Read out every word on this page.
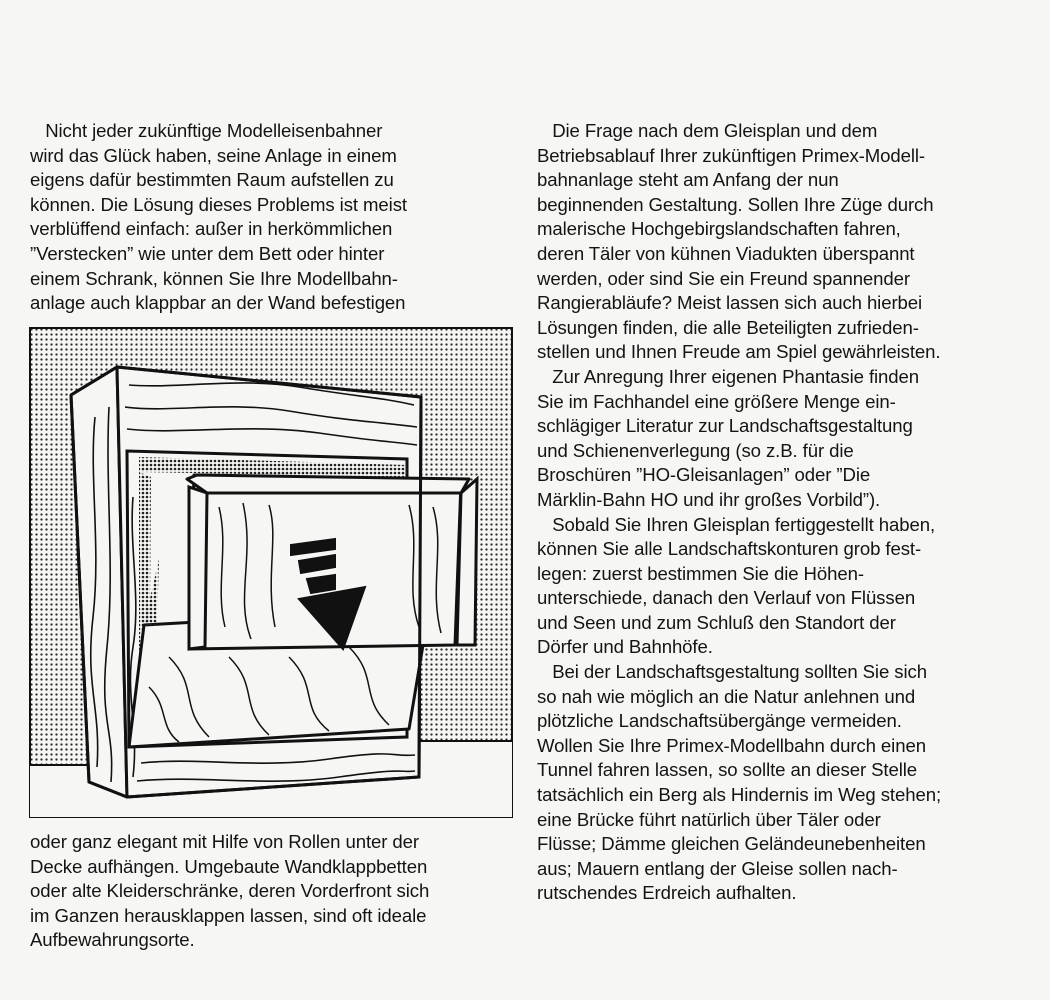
Nicht jeder zukünftige Modelleisenbahner
wird das Glück haben, seine Anlage in einem
eigens dafür bestimmten Raum aufstellen zu
können. Die Lösung dieses Problems ist meist
verblüffend einfach: außer in herkömmlichen
”Verstecken” wie unter dem Bett oder hinter
einem Schrank, können Sie Ihre Modellbahn-
anlage auch klappbar an der Wand befestigen
oder ganz elegant mit Hilfe von Rollen unter der
Decke aufhängen. Umgebaute Wandklappbetten
oder alte Kleiderschränke, deren Vorderfront sich
im Ganzen herausklappen lassen, sind oft ideale
Aufbewahrungsorte.
Die Frage nach dem Gleisplan und dem
Betriebsablauf Ihrer zukünftigen Primex-Modell-
bahnanlage steht am Anfang der nun
beginnenden Gestaltung. Sollen Ihre Züge durch
malerische Hochgebirgslandschaften fahren,
deren Täler von kühnen Viadukten überspannt
werden, oder sind Sie ein Freund spannender
Rangierabläufe? Meist lassen sich auch hierbei
Lösungen finden, die alle Beteiligten zufrieden-
stellen und Ihnen Freude am Spiel gewährleisten.
Zur Anregung Ihrer eigenen Phantasie finden
Sie im Fachhandel eine größere Menge ein-
schlägiger Literatur zur Landschaftsgestaltung
und Schienenverlegung (so z.B. für die
Broschüren ”HO-Gleisanlagen” oder ”Die
Märklin-Bahn HO und ihr großes Vorbild”).
Sobald Sie Ihren Gleisplan fertiggestellt haben,
können Sie alle Landschaftskonturen grob fest-
legen: zuerst bestimmen Sie die Höhen-
unterschiede, danach den Verlauf von Flüssen
und Seen und zum Schluß den Standort der
Dörfer und Bahnhöfe.
Bei der Landschaftsgestaltung sollten Sie sich
so nah wie möglich an die Natur anlehnen und
plötzliche Landschaftsübergänge vermeiden.
Wollen Sie Ihre Primex-Modellbahn durch einen
Tunnel fahren lassen, so sollte an dieser Stelle
tatsächlich ein Berg als Hindernis im Weg stehen;
eine Brücke führt natürlich über Täler oder
Flüsse; Dämme gleichen Geländeunebenheiten
aus; Mauern entlang der Gleise sollen nach-
rutschendes Erdreich aufhalten.
